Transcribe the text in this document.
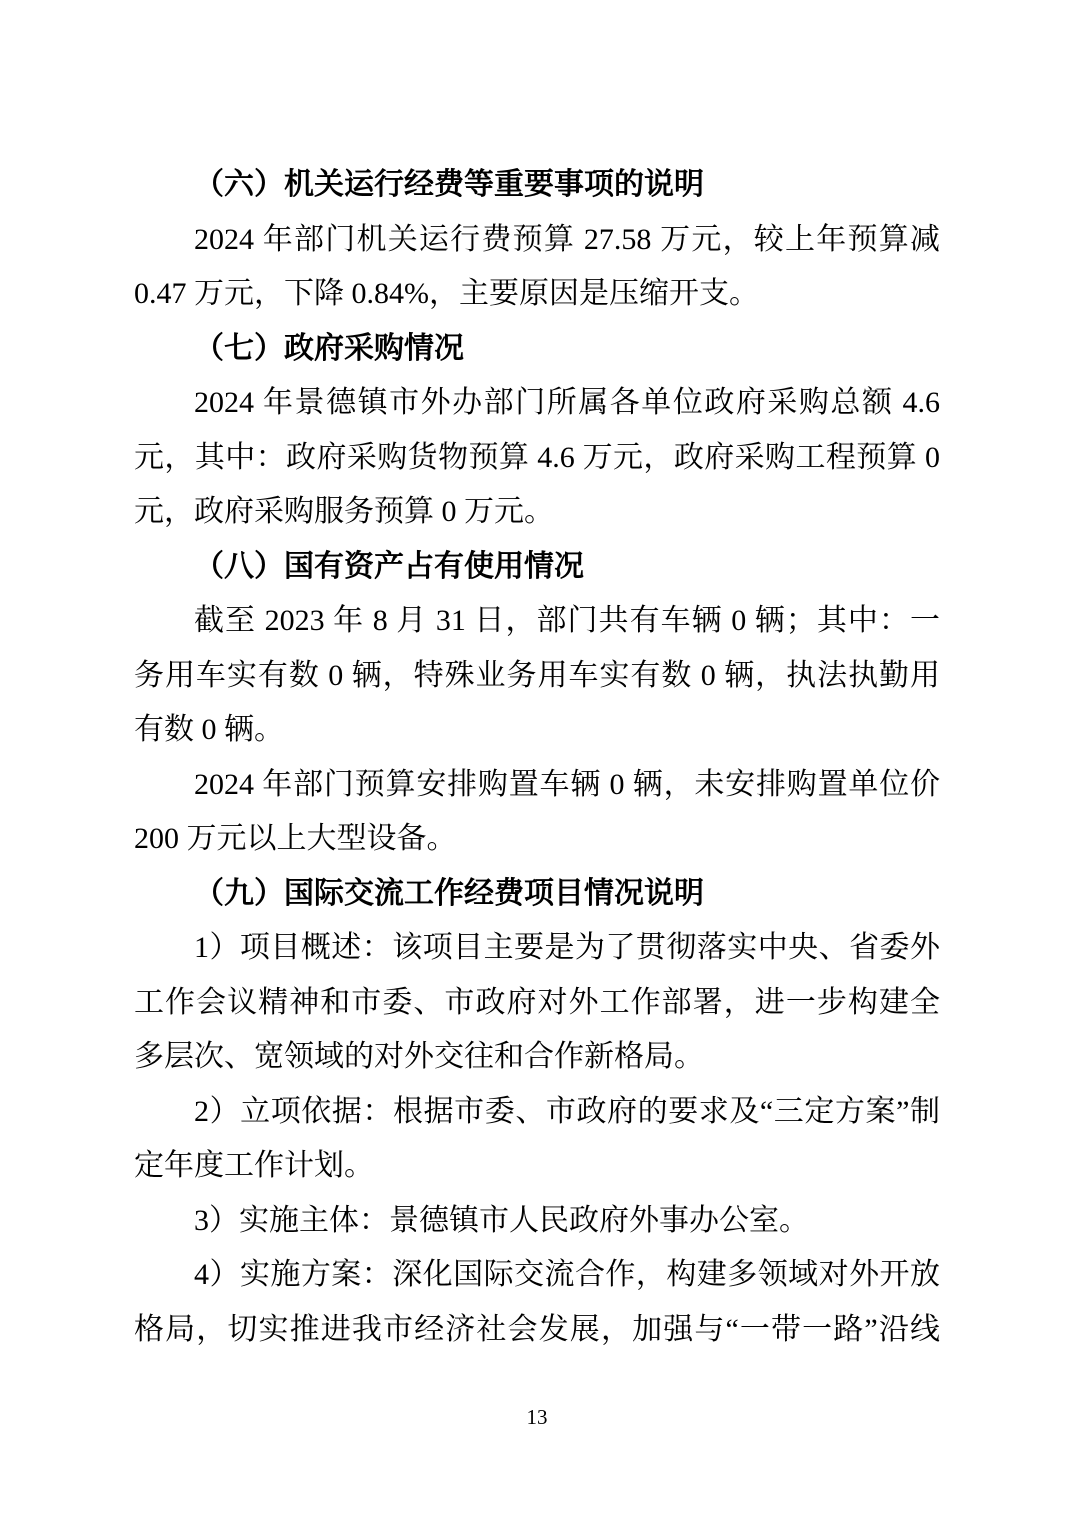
（六）机关运行经费等重要事项的说明
2024 年部门机关运行费预算 27.58 万元，较上年预算减
0.47 万元，下降 0.84%，主要原因是压缩开支。
（七）政府采购情况
2024 年景德镇市外办部门所属各单位政府采购总额 4.6
元，其中：政府采购货物预算 4.6 万元，政府采购工程预算 0
元，政府采购服务预算 0 万元。
（八）国有资产占有使用情况
截至 2023 年 8 月 31 日，部门共有车辆 0 辆；其中：一
务用车实有数 0 辆，特殊业务用车实有数 0 辆，执法执勤用
有数 0 辆。
2024 年部门预算安排购置车辆 0 辆，未安排购置单位价
200 万元以上大型设备。
（九）国际交流工作经费项目情况说明
1）项目概述：该项目主要是为了贯彻落实中央、省委外
工作会议精神和市委、市政府对外工作部署，进一步构建全
多层次、宽领域的对外交往和合作新格局。
2）立项依据：根据市委、市政府的要求及“三定方案”制
定年度工作计划。
3）实施主体：景德镇市人民政府外事办公室。
4）实施方案：深化国际交流合作，构建多领域对外开放
格局，切实推进我市经济社会发展，加强与“一带一路”沿线
13
